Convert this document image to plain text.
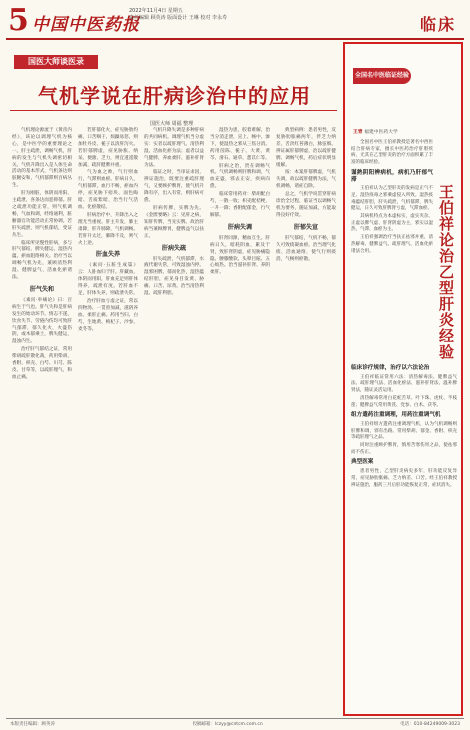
5 中国中医药报
2022年11月4日 星期五
责任编辑 顾英涛 版面设计 王琳 校对 李永寿	临床
国医大师谈医录
气机学说在肝病诊治中的应用
国医大师 周福 整理

气机理论源流于《黄帝内经》，该论以调理气机为核心，是中医学的重要理论之一。肝主疏泄，调畅气机，肝病的发生与气机失调密切相关。气机升降出入是人体生命活动的基本形式，气机条达则脏腑安和，气机郁滞则百病丛生。

肝为刚脏，体阴而用阳，主疏泄，喜条达而恶抑郁。肝之疏泄功能正常，则气机调畅，气血和调，经络通利，脏腑器官功能活动正常协调。若肝失疏泄，则气机郁结，变证丛生。

临床所见慢性肝病，多与肝气郁结、脾失健运、湿热内蕴、瘀血阻络相关。治疗当以调畅气机为先，兼顾清热利湿、健脾益气、活血化瘀诸法。

肝气失和

《素问·举痛论》曰：百病生于气也。肝气失和是肝病发生的始动环节。情志不遂、饮食失节、劳倦内伤均可致肝气郁滞，郁久化火，火盛伤阴，或木郁乘土，脾失健运，湿浊内生。

治疗肝气郁结之证，常用柴胡疏肝散化裁，药用柴胡、香附、枳壳、白芍、川芎、陈皮、甘草等，以疏肝理气、和血止痛。

若肝郁化火，症见胁肋灼痛、口苦咽干、烦躁易怒，则加牡丹皮、栀子以清肝泻火。若肝郁脾虚，症见胁胀、纳呆、便溏、乏力，则宜逍遥散加减，疏肝健脾并重。

气为血之帅，气行则血行，气滞则血瘀。肝病日久，气机郁滞，血行不畅，瘀血内停，症见胁下痞块、面色晦暗、舌质紫暗，治当行气活血、化瘀散结。

肝病治疗中，升降出入之理尤当重视。肝主升发，肺主肃降，肝升肺降，气机调畅。若肝升太过，肺降不及，则气火上逆。

肝血失养

《素问·五脏生成篇》云：人卧血归于肝。肝藏血，体阴而用阳，肝血充足则肝体得养，疏泄有度。若肝血不足，肝体失养，则疏泄失常。

治疗肝血亏虚之证，常以四物汤、一贯煎加减，滋阴养血、柔肝止痛。药用当归、白芍、生地黄、枸杞子、沙参、麦冬等。

气机升降失调是多种肝病的共同病机。调理气机当分虚实：实者以疏肝理气、清热利湿、活血化瘀为法；虚者以益气健脾、养血柔肝、滋补肝肾为法。

临证之时，当审证求因，辨证施治，既要注重疏肝理气，又要顾护脾胃，使气机升降有序，出入有常，则肝病可愈。

肝病传脾，实脾为先。《金匮要略》云：见肝之病，知肝传脾，当先实脾。故治肝病当兼顾脾胃，健脾益气以扶正。

肝病失疏

肝失疏泄，气机郁滞，水液代谢失常，可致湿浊内停。湿邪困脾，郁而化热，湿热蕴结肝胆，症见身目发黄、胁痛、口苦、尿黄。治当清热利湿、疏肝利胆。

湿热为患，胶着难解，治当分消走泄，宣上、畅中、渗下，使湿热之邪从三焦分消。药用茵陈、栀子、大黄、黄芩、滑石、通草、薏苡仁等。

肝病之治，贵在调畅气机。气机调畅则肝脾和调，气血充盛，邪去正安，疾病向愈。

临床常用药对：柴胡配白芍，一散一收；枳壳配桔梗，一升一降；香附配郁金，行气解郁。

肝病失调

肝肾同源，精血互生。肝病日久，暗耗阴血，累及于肾，致肝肾阴虚，症见胁痛隐隐、腰膝酸软、头晕目眩、五心烦热。治当滋补肝肾、养阴柔肝。

典型病例：患者男性，反复胁肋胀痛两年，伴乏力纳差，舌淡红苔薄白，脉弦细。辨证属肝郁脾虚，治以疏肝健脾、调畅气机，药后症状明显缓解。

按：本案肝郁脾虚，气机失调，故以疏肝健脾为法，气机调畅，诸症自除。

总之，气机学说贯穿肝病诊治全过程，临证当以调畅气机为要务，随证加减，方能取得良好疗效。

肝郁失宣

肝气郁结，气机不畅，郁久可致痰凝血瘀。治当理气化痰、活血通络，使气行则痰消，气畅则瘀散。

全国名中医临证经验
王青 福建中医药大学

全国名中医王伯祥教授是著名中西医结合肝病专家，擅长中医药治疗肝胆疾病，尤其在乙型肝炎的治疗方面积累了丰富的临床经验。

谨熟阴阳辨病机，病机乃肝郁气滞

王伯祥认为乙型肝炎的发病是正气不足，湿热疫毒之邪乘虚侵入所致。湿热疫毒蕴结肝胆，肝失疏泄，气机郁滞，脾失健运，日久可致肝脾肾亏虚，气滞血瘀。

其病机特点为本虚标实，虚实夹杂。正虚以脾气虚、肝肾阴虚为主，邪实以湿热、气滞、血瘀为主。

王伯祥强调治疗当扶正祛邪并重，清热解毒、健脾益气、疏肝理气、活血化瘀诸法合用。	王伯祥论治乙型肝炎经验
临床诊疗规律，治疗以六法论治

王伯祥临证常用六法：清热解毒法、健脾益气法、疏肝理气法、活血化瘀法、滋补肝肾法、温补脾肾法，随证灵活运用。

清热解毒常用白花蛇舌草、叶下珠、虎杖、半枝莲；健脾益气常用黄芪、党参、白术、茯苓。

组方遣药注重调理，用药注重调气机

王伯祥组方遣药注重调理气机，认为气机调畅则肝脾和调，邪有出路。常用柴胡、郁金、香附、枳壳等疏肝理气之品。

同时注重顾护脾胃，慎用苦寒伤胃之品，使祛邪而不伤正。

典型医案

患者男性，乙型肝炎病史多年，肝功能反复异常，症见胁肋胀痛、乏力纳差、口苦。经王伯祥教授辨证施治，服药三月后肝功能恢复正常，症状消失。

本版责任编辑：顾英涛	投稿邮箱：lczyy@cntcm.com.cn	电话：010-84249009-3023
